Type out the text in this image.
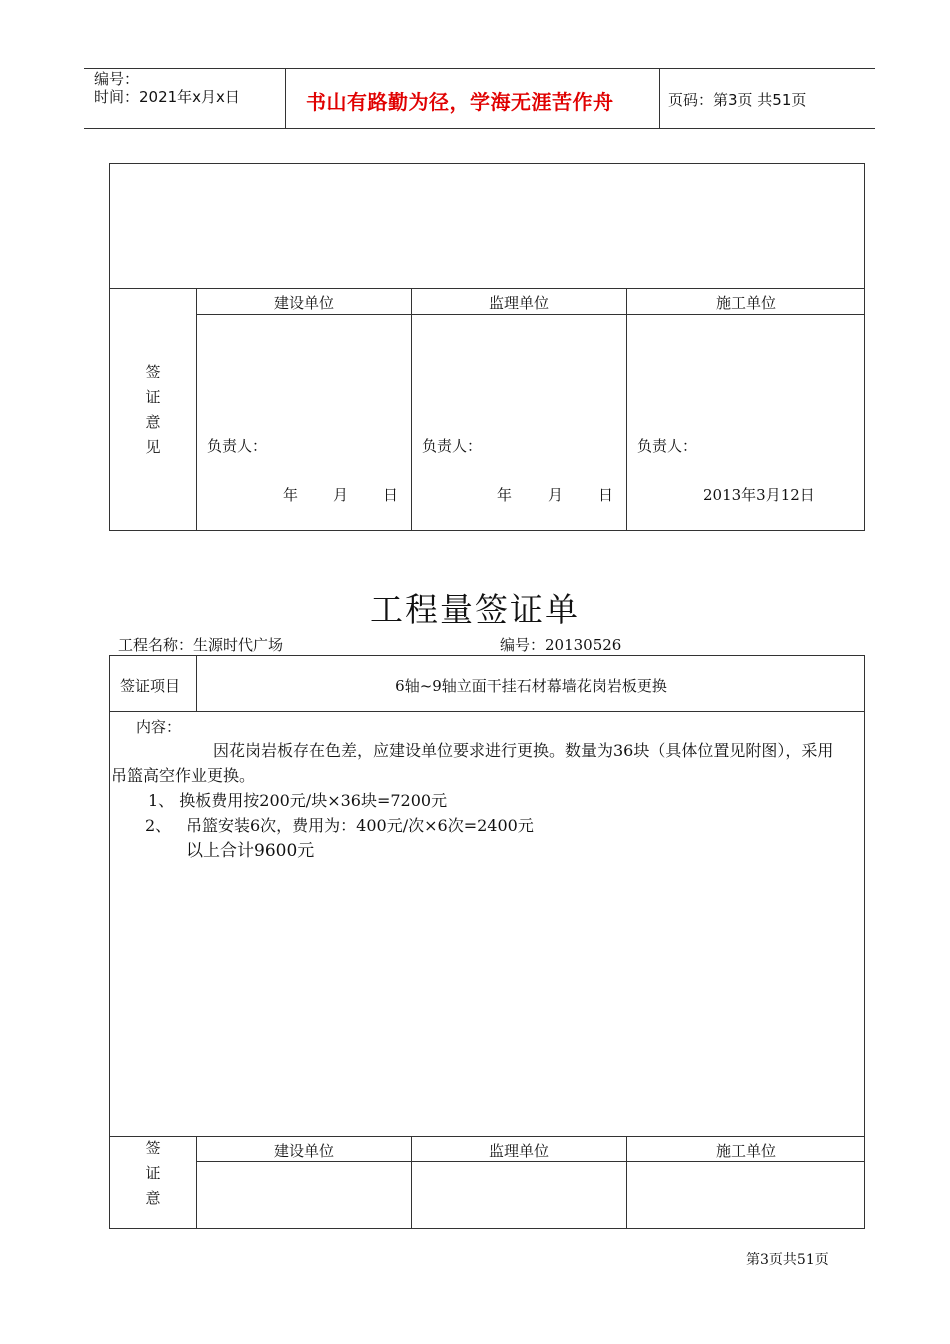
编号：
时间：2021年x月x日	书山有路勤为径，学海无涯苦作舟	页码：第3页 共51页
签
证
意
见
建设单位	监理单位	施工单位
负责人：	负责人：	负责人：
年 月 日	年 月 日	2013年3月12日
工程量签证单
工程名称：生源时代广场	编号：20130526
签证项目	6轴~9轴立面干挂石材幕墙花岗岩板更换
内容：
因花岗岩板存在色差，应建设单位要求进行更换。数量为36块（具体位置见附图），采用
吊篮高空作业更换。
1、 换板费用按200元/块×36块=7200元
2、 吊篮安装6次，费用为：400元/次×6次=2400元
以上合计9600元
签
证
意
建设单位	监理单位	施工单位
第3页共51页
